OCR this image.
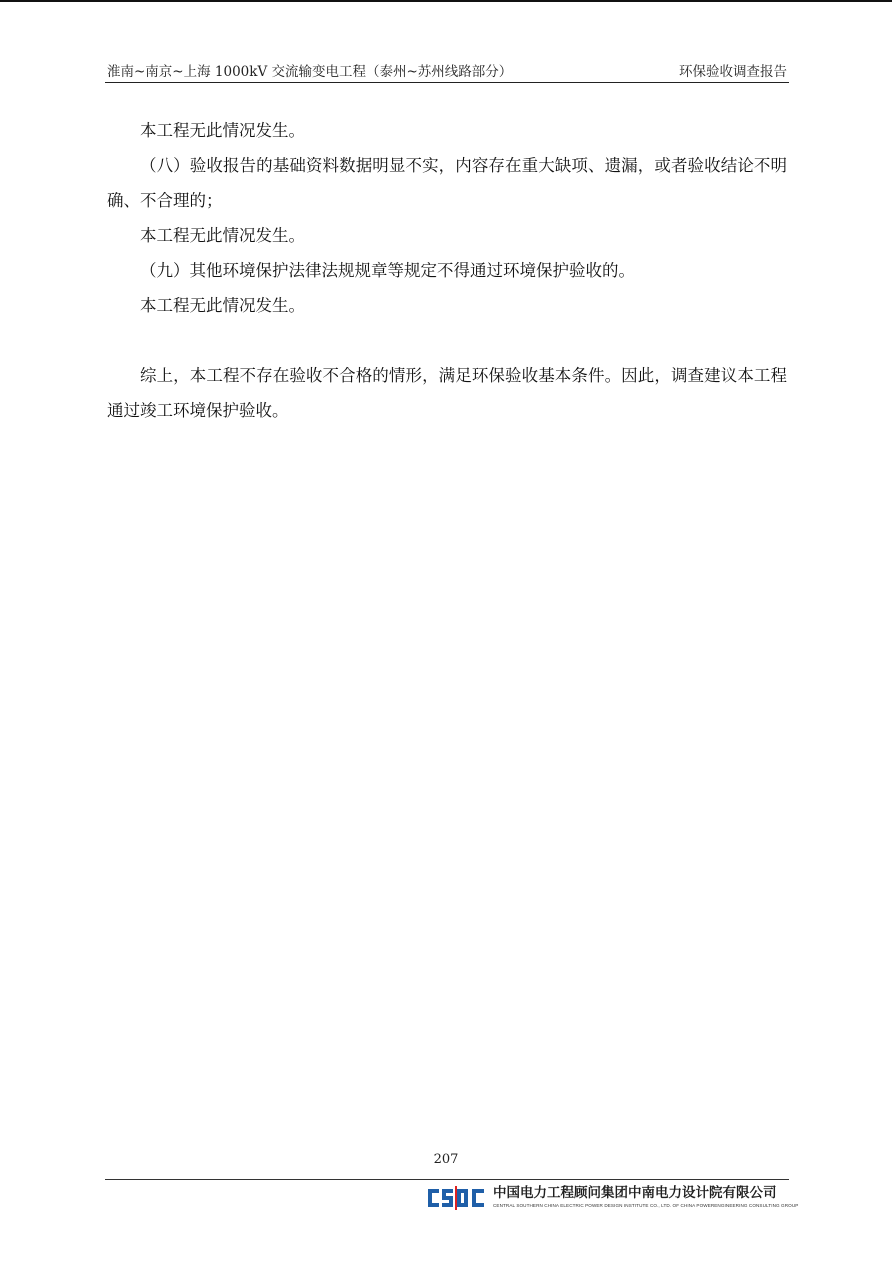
淮南~南京~上海 1000kV 交流输变电工程（泰州~苏州线路部分）	环保验收调查报告

本工程无此情况发生。

（八）验收报告的基础资料数据明显不实，内容存在重大缺项、遗漏，或者验收结论不明确、不合理的；

本工程无此情况发生。

（九）其他环境保护法律法规规章等规定不得通过环境保护验收的。

本工程无此情况发生。

综上，本工程不存在验收不合格的情形，满足环保验收基本条件。因此，调查建议本工程通过竣工环境保护验收。

207
中国电力工程顾问集团中南电力设计院有限公司
CENTRAL SOUTHERN CHINA ELECTRIC POWER DESIGN INSTITUTE CO., LTD. OF CHINA POWERENGINEERING CONSULTING GROUP
